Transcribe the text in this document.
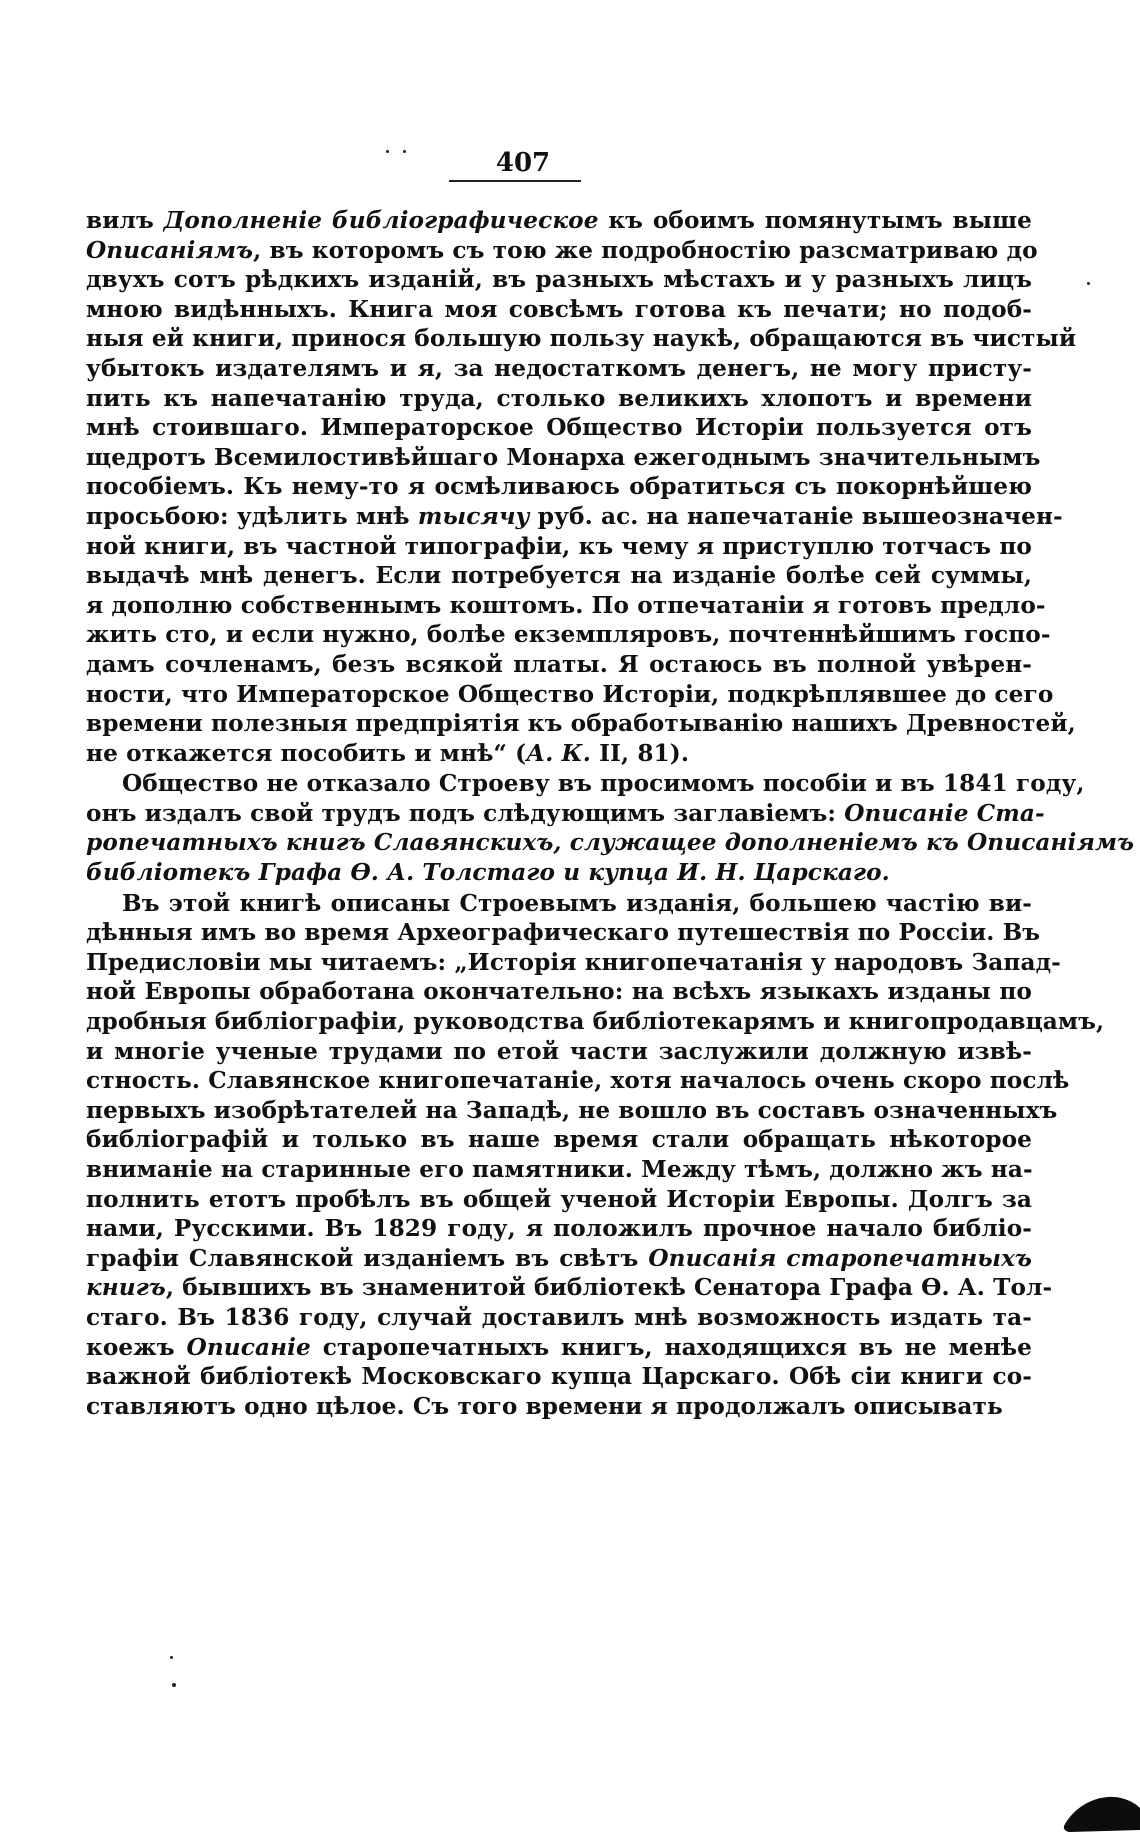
407
вилъ Дополненіе библіографическое къ обоимъ помянутымъ выше
Описаніямъ, въ которомъ съ тою же подробностію разсматриваю до
двухъ сотъ рѣдкихъ изданій, въ разныхъ мѣстахъ и у разныхъ лицъ
мною видѣнныхъ. Книга моя совсѣмъ готова къ печати; но подоб-
ныя ей книги, принося большую пользу наукѣ, обращаются въ чистый
убытокъ издателямъ и я, за недостаткомъ денегъ, не могу присту-
пить къ напечатанію труда, столько великихъ хлопотъ и времени
мнѣ стоившаго. Императорское Общество Исторіи пользуется отъ
щедротъ Всемилостивѣйшаго Монарха ежегоднымъ значительнымъ
пособіемъ. Къ нему-то я осмѣливаюсь обратиться съ покорнѣйшею
просьбою: удѣлить мнѣ тысячу руб. ас. на напечатаніе вышеозначен-
ной книги, въ частной типографіи, къ чему я приступлю тотчасъ по
выдачѣ мнѣ денегъ. Если потребуется на изданіе болѣе сей суммы,
я дополню собственнымъ коштомъ. По отпечатаніи я готовъ предло-
жить сто, и если нужно, болѣе екземпляровъ, почтеннѣйшимъ госпо-
дамъ сочленамъ, безъ всякой платы. Я остаюсь въ полной увѣрен-
ности, что Императорское Общество Исторіи, подкрѣплявшее до сего
времени полезныя предпріятія къ обработыванію нашихъ Древностей,
не откажется пособить и мнѣ“ (А. К. II, 81).
Общество не отказало Строеву въ просимомъ пособіи и въ 1841 году,
онъ издалъ свой трудъ подъ слѣдующимъ заглавіемъ: Описаніе Ста-
ропечатныхъ книгъ Славянскихъ, служащее дополненіемъ къ Описаніямъ
библіотекъ Графа Ѳ. А. Толстаго и купца И. Н. Царскаго.
Въ этой книгѣ описаны Строевымъ изданія, большею частію ви-
дѣнныя имъ во время Археографическаго путешествія по Россіи. Въ
Предисловіи мы читаемъ: „Исторія книгопечатанія у народовъ Запад-
ной Европы обработана окончательно: на всѣхъ языкахъ изданы по
дробныя библіографіи, руководства библіотекарямъ и книгопродавцамъ,
и многіе ученые трудами по етой части заслужили должную извѣ-
стность. Славянское книгопечатаніе, хотя началось очень скоро послѣ
первыхъ изобрѣтателей на Западѣ, не вошло въ составъ означенныхъ
библіографій и только въ наше время стали обращать нѣкоторое
вниманіе на старинные его памятники. Между тѣмъ, должно жъ на-
полнить етотъ пробѣлъ въ общей ученой Исторіи Европы. Долгъ за
нами, Русскими. Въ 1829 году, я положилъ прочное начало библіо-
графіи Славянской изданіемъ въ свѣтъ Описанія старопечатныхъ
книгъ, бывшихъ въ знаменитой библіотекѣ Сенатора Графа Ѳ. А. Тол-
стаго. Въ 1836 году, случай доставилъ мнѣ возможность издать та-
коежъ Описаніе старопечатныхъ книгъ, находящихся въ не менѣе
важной библіотекѣ Московскаго купца Царскаго. Обѣ сіи книги со-
ставляютъ одно цѣлое. Съ того времени я продолжалъ описывать
